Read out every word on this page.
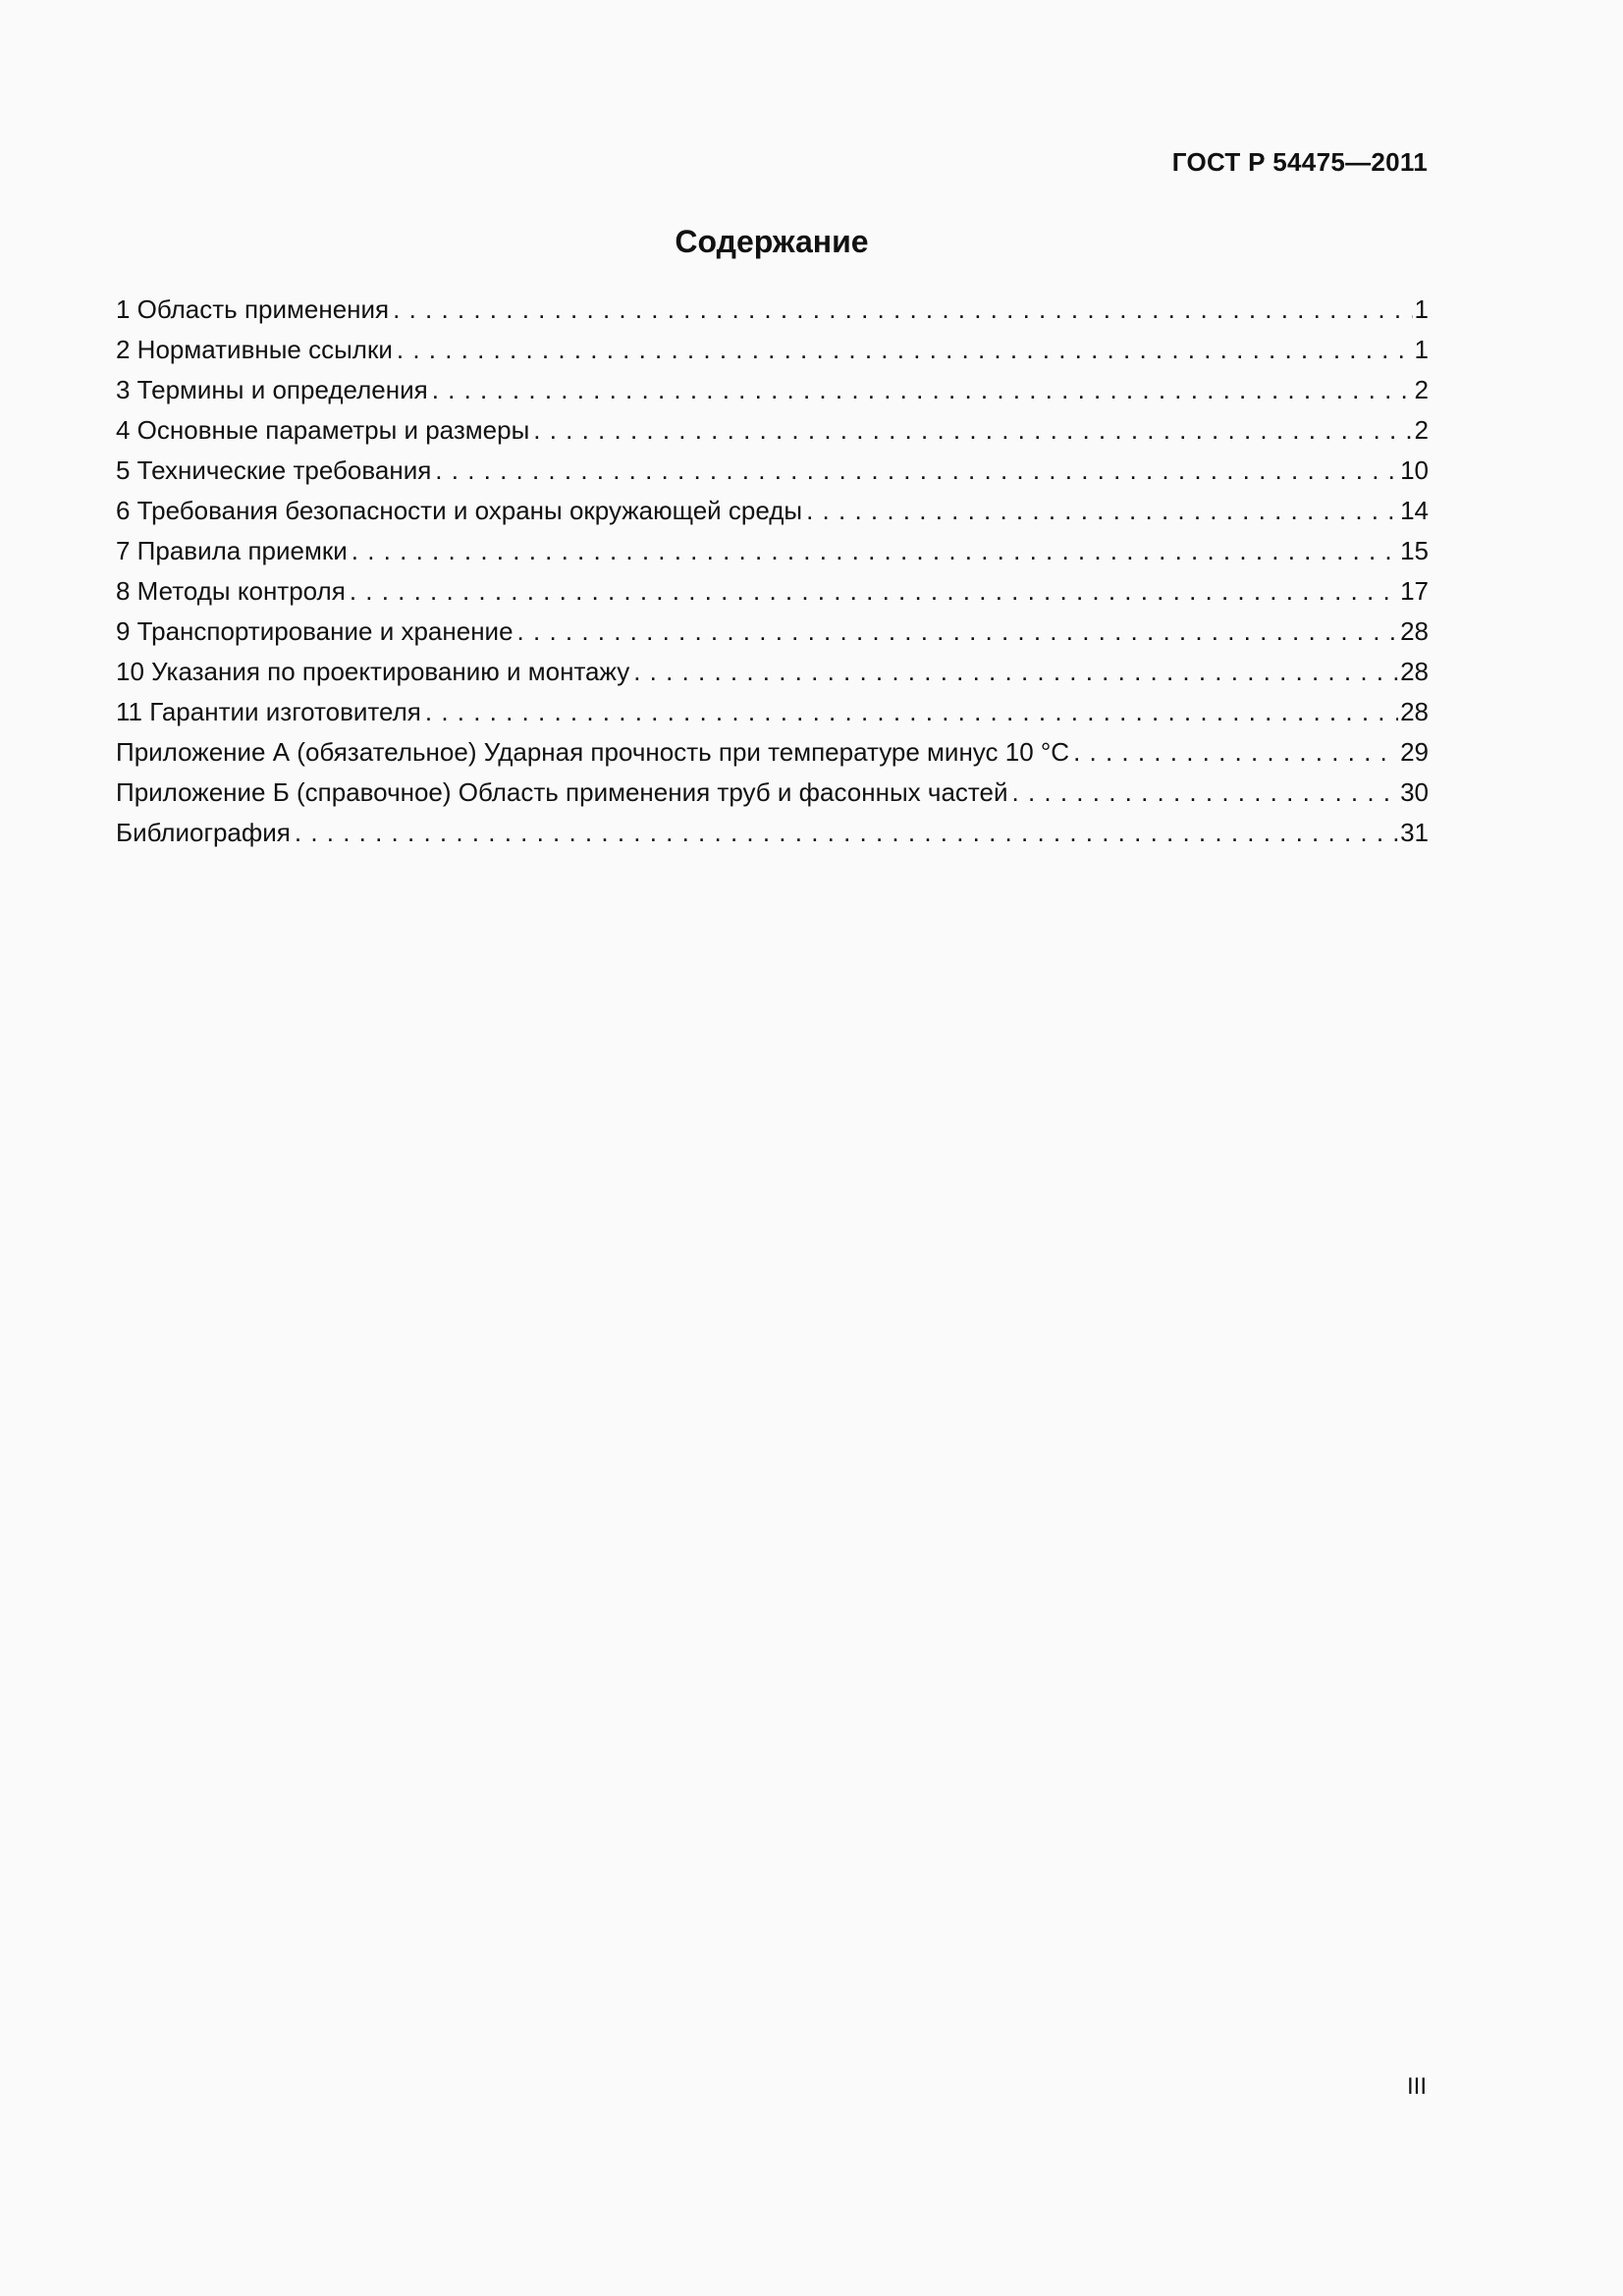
ГОСТ Р 54475—2011
Содержание
1 Область применения . . .	1
2 Нормативные ссылки . . .	1
3 Термины и определения . . .	2
4 Основные параметры и размеры . . .	2
5 Технические требования . . .	10
6 Требования безопасности и охраны окружающей среды . . .	14
7 Правила приемки . . .	15
8 Методы контроля . . .	17
9 Транспортирование и хранение . . .	28
10 Указания по проектированию и монтажу . . .	28
11 Гарантии изготовителя . . .	28
Приложение А (обязательное) Ударная прочность при температуре минус 10 °С . . .	29
Приложение Б (справочное) Область применения труб и фасонных частей . . .	30
Библиография . . .	31
III
